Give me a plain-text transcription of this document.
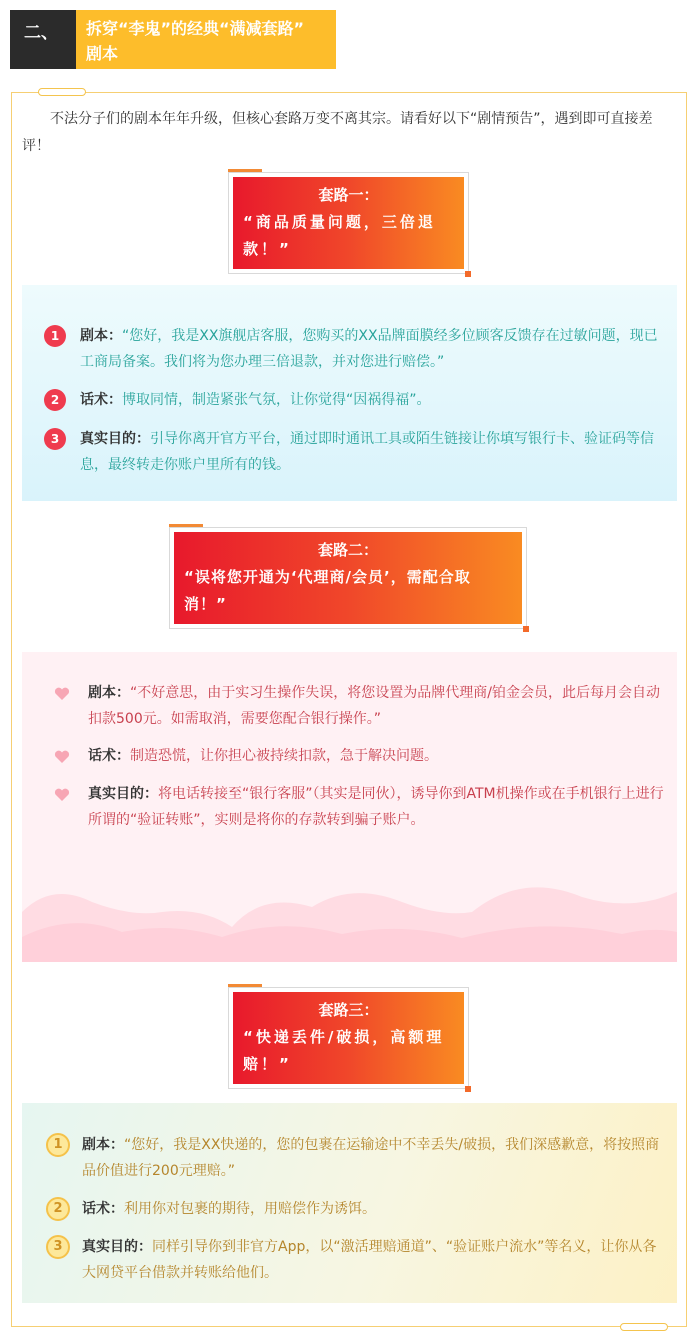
二、	拆穿“李鬼”的经典“满减套路”
剧本

不法分子们的剧本年年升级，但核心套路万变不离其宗。请看好以下“剧情预告”，遇到即可直接差评！

套路一：
“商品质量问题，三倍退款！”
1	剧本：“您好，我是XX旗舰店客服，您购买的XX品牌面膜经多位顾客反馈存在过敏问题，现已工商局备案。我们将为您办理三倍退款，并对您进行赔偿。”
2	话术：博取同情，制造紧张气氛，让你觉得“因祸得福”。
3	真实目的：引导你离开官方平台，通过即时通讯工具或陌生链接让你填写银行卡、验证码等信息，最终转走你账户里所有的钱。
套路二：
“误将您开通为‘代理商/会员’，需配合取消！”
剧本：“不好意思，由于实习生操作失误，将您设置为品牌代理商/铂金会员，此后每月会自动扣款500元。如需取消，需要您配合银行操作。”
话术：制造恐慌，让你担心被持续扣款，急于解决问题。
真实目的：将电话转接至“银行客服”（其实是同伙），诱导你到ATM机操作或在手机银行上进行所谓的“验证转账”，实则是将你的存款转到骗子账户。
套路三：
“快递丢件/破损，高额理赔！”
1	剧本：“您好，我是XX快递的，您的包裹在运输途中不幸丢失/破损，我们深感歉意，将按照商品价值进行200元理赔。”
2	话术：利用你对包裹的期待，用赔偿作为诱饵。
3	真实目的：同样引导你到非官方App，以“激活理赔通道”、“验证账户流水”等名义，让你从各大网贷平台借款并转账给他们。
